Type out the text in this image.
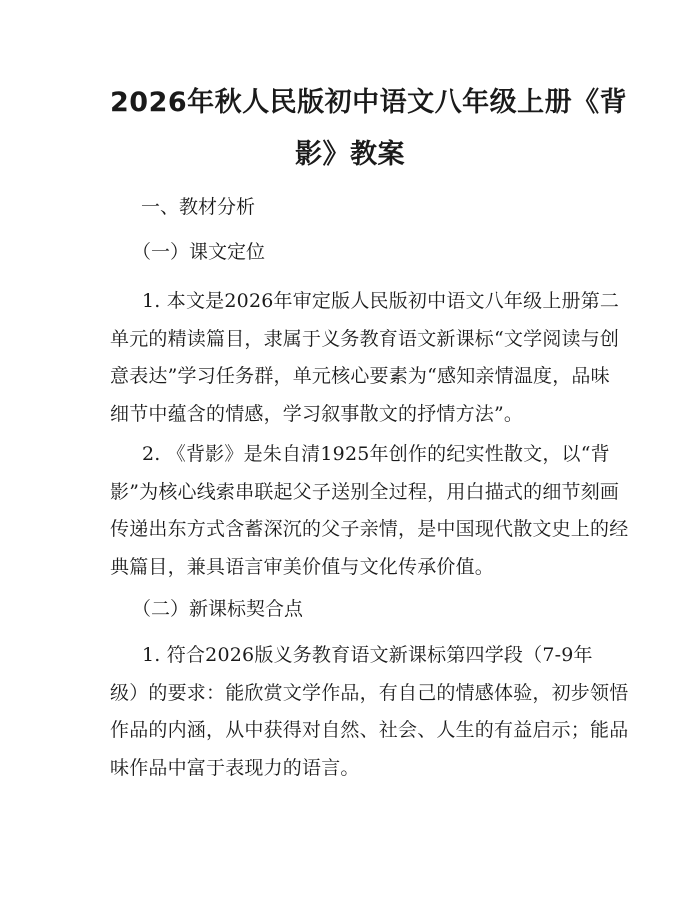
2026年秋人民版初中语文八年级上册《背
影》教案
一、教材分析
（一）课文定位
1. 本文是2026年审定版人民版初中语文八年级上册第二
单元的精读篇目，隶属于义务教育语文新课标“文学阅读与创
意表达”学习任务群，单元核心要素为“感知亲情温度，品味
细节中蕴含的情感，学习叙事散文的抒情方法”。
2. 《背影》是朱自清1925年创作的纪实性散文，以“背
影”为核心线索串联起父子送别全过程，用白描式的细节刻画
传递出东方式含蓄深沉的父子亲情，是中国现代散文史上的经
典篇目，兼具语言审美价值与文化传承价值。
（二）新课标契合点
1. 符合2026版义务教育语文新课标第四学段（7-9年
级）的要求：能欣赏文学作品，有自己的情感体验，初步领悟
作品的内涵，从中获得对自然、社会、人生的有益启示；能品
味作品中富于表现力的语言。
